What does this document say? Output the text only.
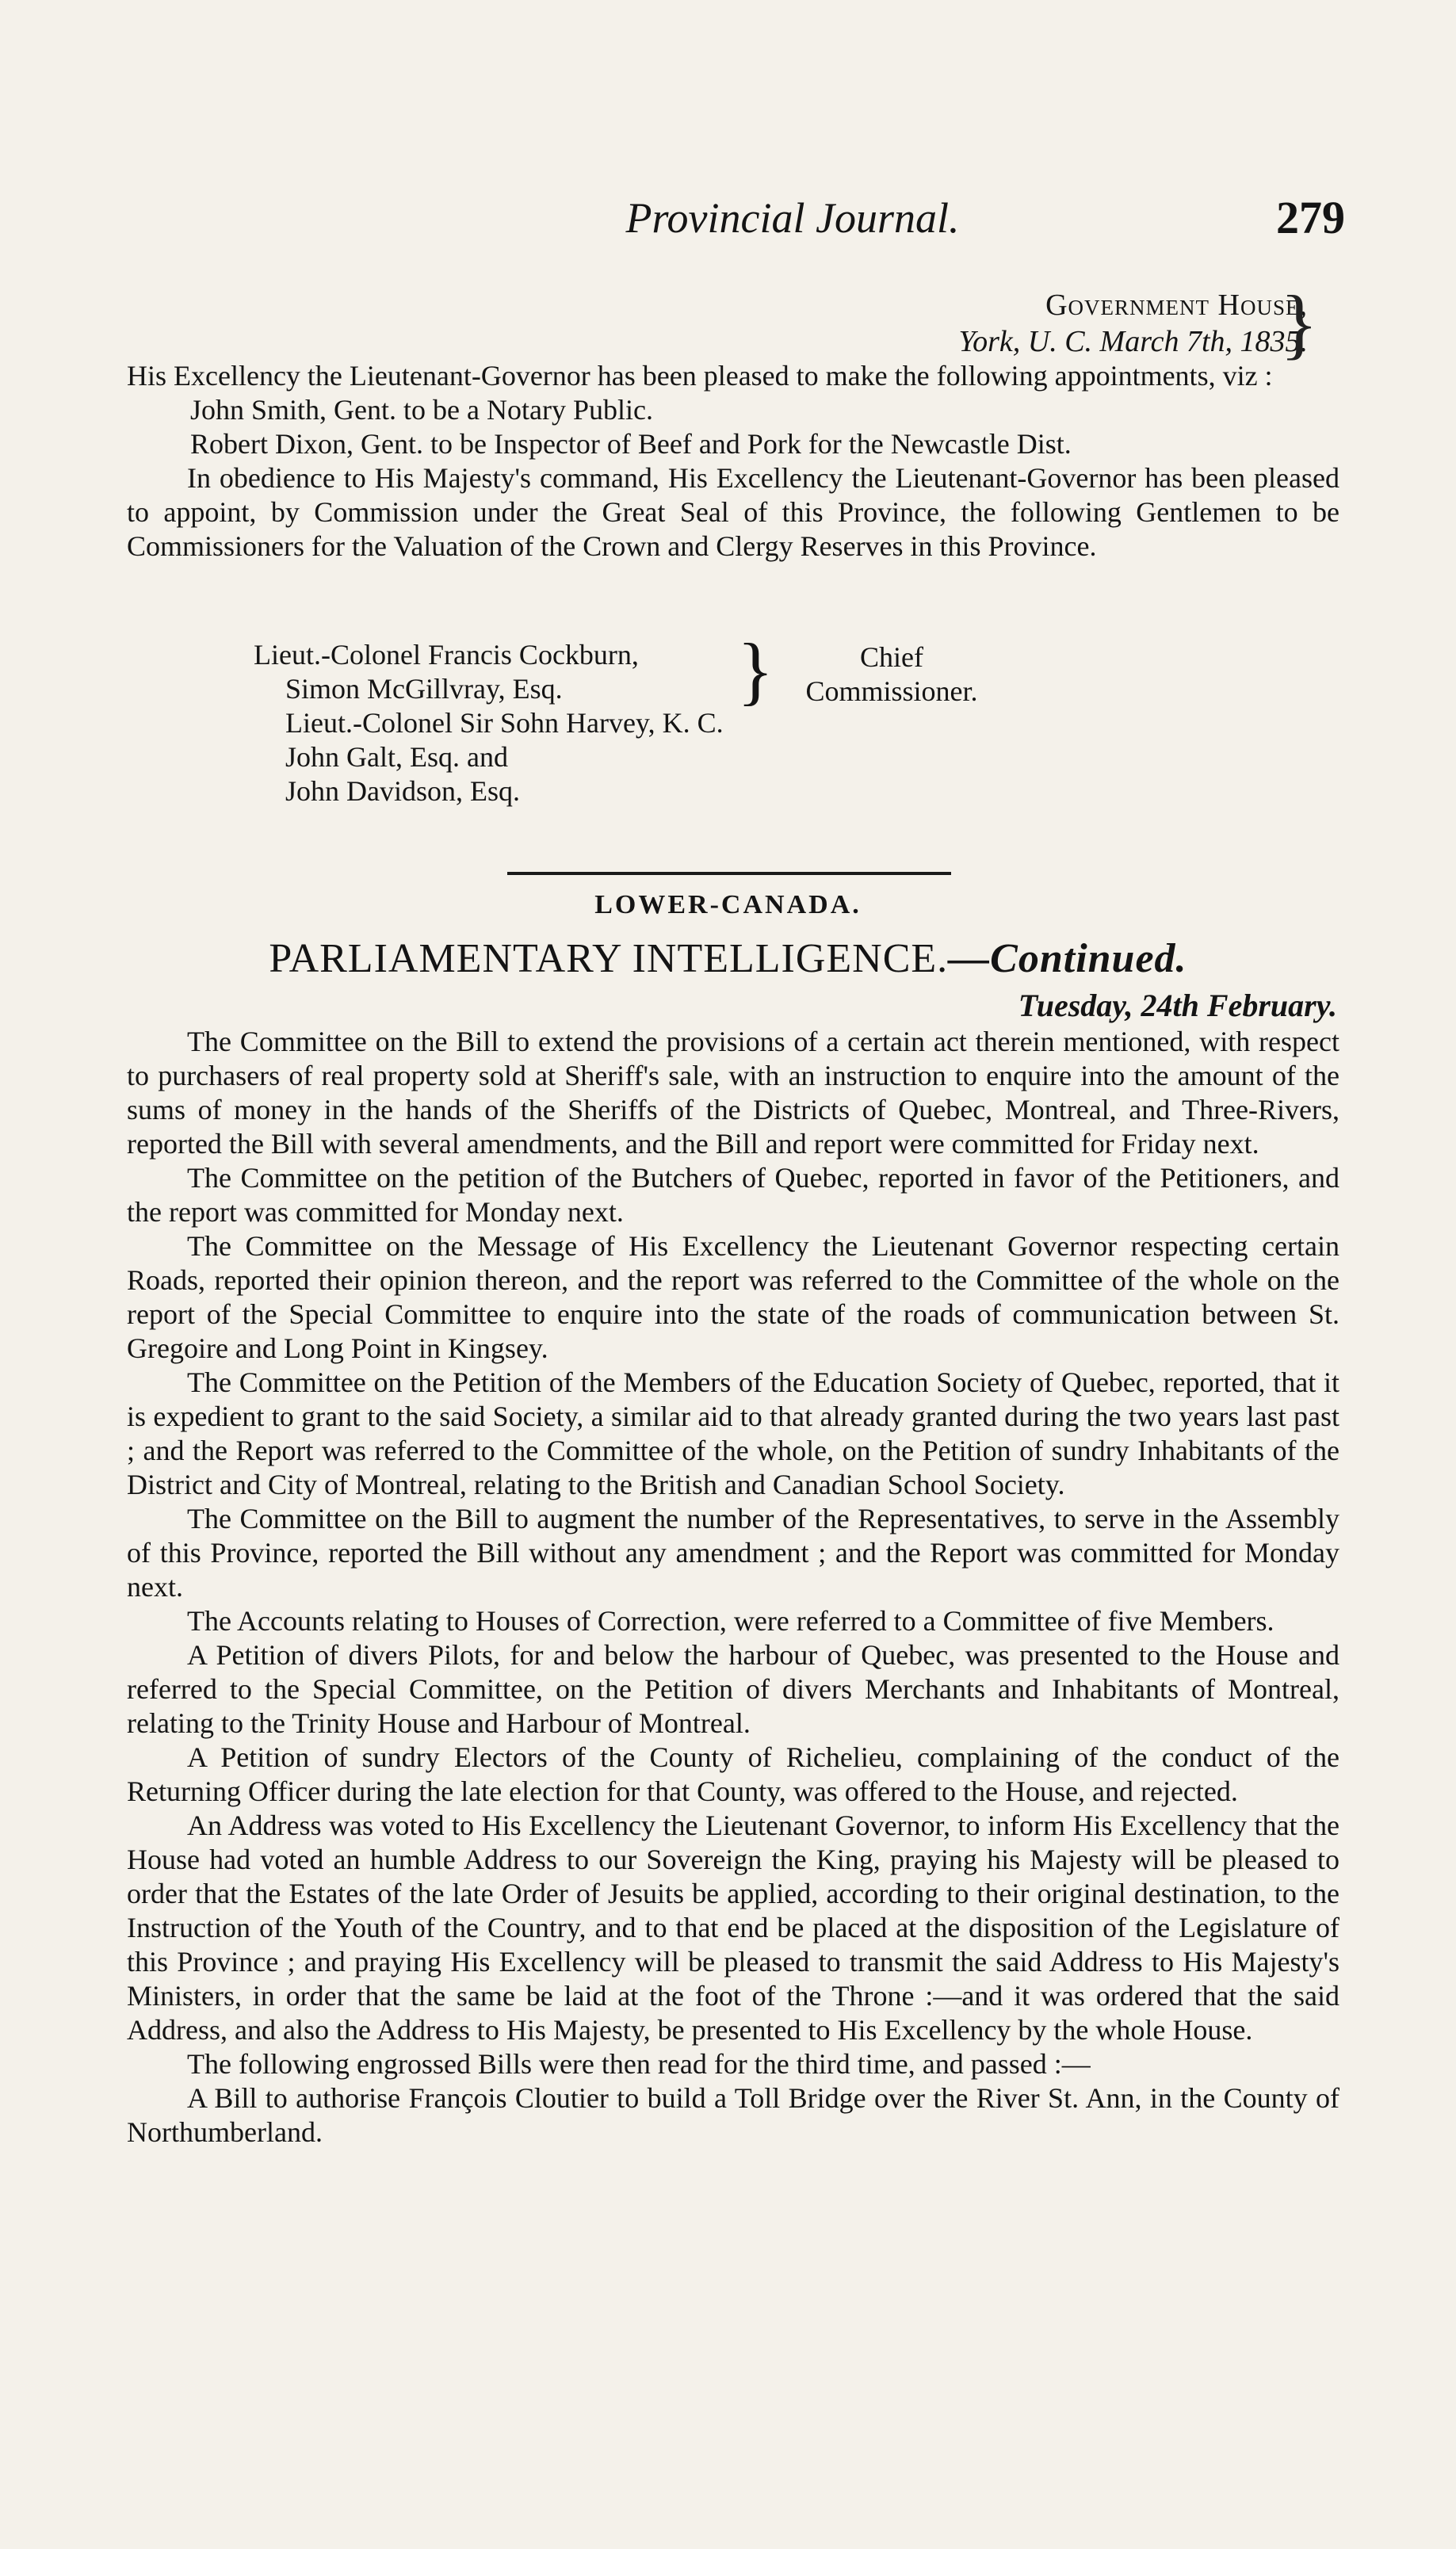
Provincial Journal.	279
Government House,
York, U. C. March 7th, 1835.
}

His Excellency the Lieutenant-Governor has been pleased to make the following appointments, viz :

John Smith, Gent. to be a Notary Public.

Robert Dixon, Gent. to be Inspector of Beef and Pork for the Newcastle Dist.

In obedience to His Majesty's command, His Excellency the Lieutenant-Governor has been pleased to appoint, by Commission under the Great Seal of this Province, the following Gentlemen to be Commissioners for the Valuation of the Crown and Clergy Reserves in this Province.

Lieut.-Colonel Francis Cockburn,
Simon McGillvray, Esq.
Lieut.-Colonel Sir Sohn Harvey, K. C.
John Galt, Esq. and
John Davidson, Esq.
}	Chief
Commissioner.
LOWER-CANADA.
PARLIAMENTARY INTELLIGENCE.—Continued.
Tuesday, 24th February.

The Committee on the Bill to extend the provisions of a certain act therein mentioned, with respect to purchasers of real property sold at Sheriff's sale, with an instruction to enquire into the amount of the sums of money in the hands of the Sheriffs of the Districts of Quebec, Montreal, and Three-Rivers, reported the Bill with several amendments, and the Bill and report were committed for Friday next.

The Committee on the petition of the Butchers of Quebec, reported in favor of the Petitioners, and the report was committed for Monday next.

The Committee on the Message of His Excellency the Lieutenant Governor respecting certain Roads, reported their opinion thereon, and the report was referred to the Committee of the whole on the report of the Special Committee to enquire into the state of the roads of communication between St. Gregoire and Long Point in Kingsey.

The Committee on the Petition of the Members of the Education Society of Quebec, reported, that it is expedient to grant to the said Society, a similar aid to that already granted during the two years last past ; and the Report was referred to the Committee of the whole, on the Petition of sundry Inhabitants of the District and City of Montreal, relating to the British and Canadian School Society.

The Committee on the Bill to augment the number of the Representatives, to serve in the Assembly of this Province, reported the Bill without any amendment ; and the Report was committed for Monday next.

The Accounts relating to Houses of Correction, were referred to a Committee of five Members.

A Petition of divers Pilots, for and below the harbour of Quebec, was presented to the House and referred to the Special Committee, on the Petition of divers Merchants and Inhabitants of Montreal, relating to the Trinity House and Harbour of Montreal.

A Petition of sundry Electors of the County of Richelieu, complaining of the conduct of the Returning Officer during the late election for that County, was offered to the House, and rejected.

An Address was voted to His Excellency the Lieutenant Governor, to inform His Excellency that the House had voted an humble Address to our Sovereign the King, praying his Majesty will be pleased to order that the Estates of the late Order of Jesuits be applied, according to their original destination, to the Instruction of the Youth of the Country, and to that end be placed at the disposition of the Legislature of this Province ; and praying His Excellency will be pleased to transmit the said Address to His Majesty's Ministers, in order that the same be laid at the foot of the Throne :—and it was ordered that the said Address, and also the Address to His Majesty, be presented to His Excellency by the whole House.

The following engrossed Bills were then read for the third time, and passed :—

A Bill to authorise François Cloutier to build a Toll Bridge over the River St. Ann, in the County of Northumberland.
